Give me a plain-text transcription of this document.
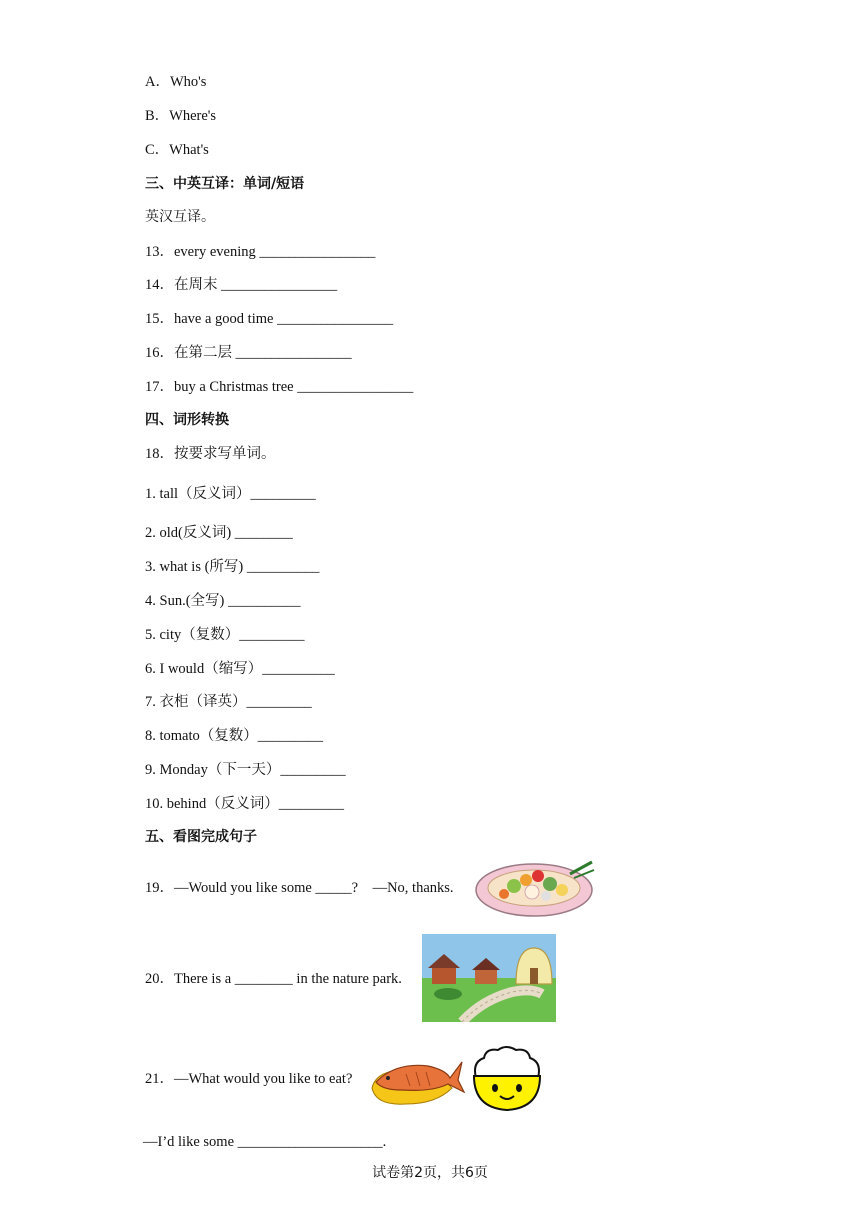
A．Who's
B．Where's
C．What's
三、中英互译：单词/短语
英汉互译。
13．every evening ________________
14．在周末 ________________
15．have a good time ________________
16．在第二层 ________________
17．buy a Christmas tree ________________
四、词形转换
18．按要求写单词。
1. tall（反义词）_________
2. old(反义词) ________
3. what is (所写) __________
4. Sun.(全写) __________
5. city（复数）_________
6. I would（缩写）__________
7. 衣柜（译英）_________
8. tomato（复数）_________
9. Monday（下一天）_________
10. behind（反义词）_________
五、看图完成句子
19．—Would you like some _____?　—No, thanks.
20．There is a ________ in the nature park.
21．—What would you like to eat?
—I’d like some ____________________.
试卷第2页，共6页
